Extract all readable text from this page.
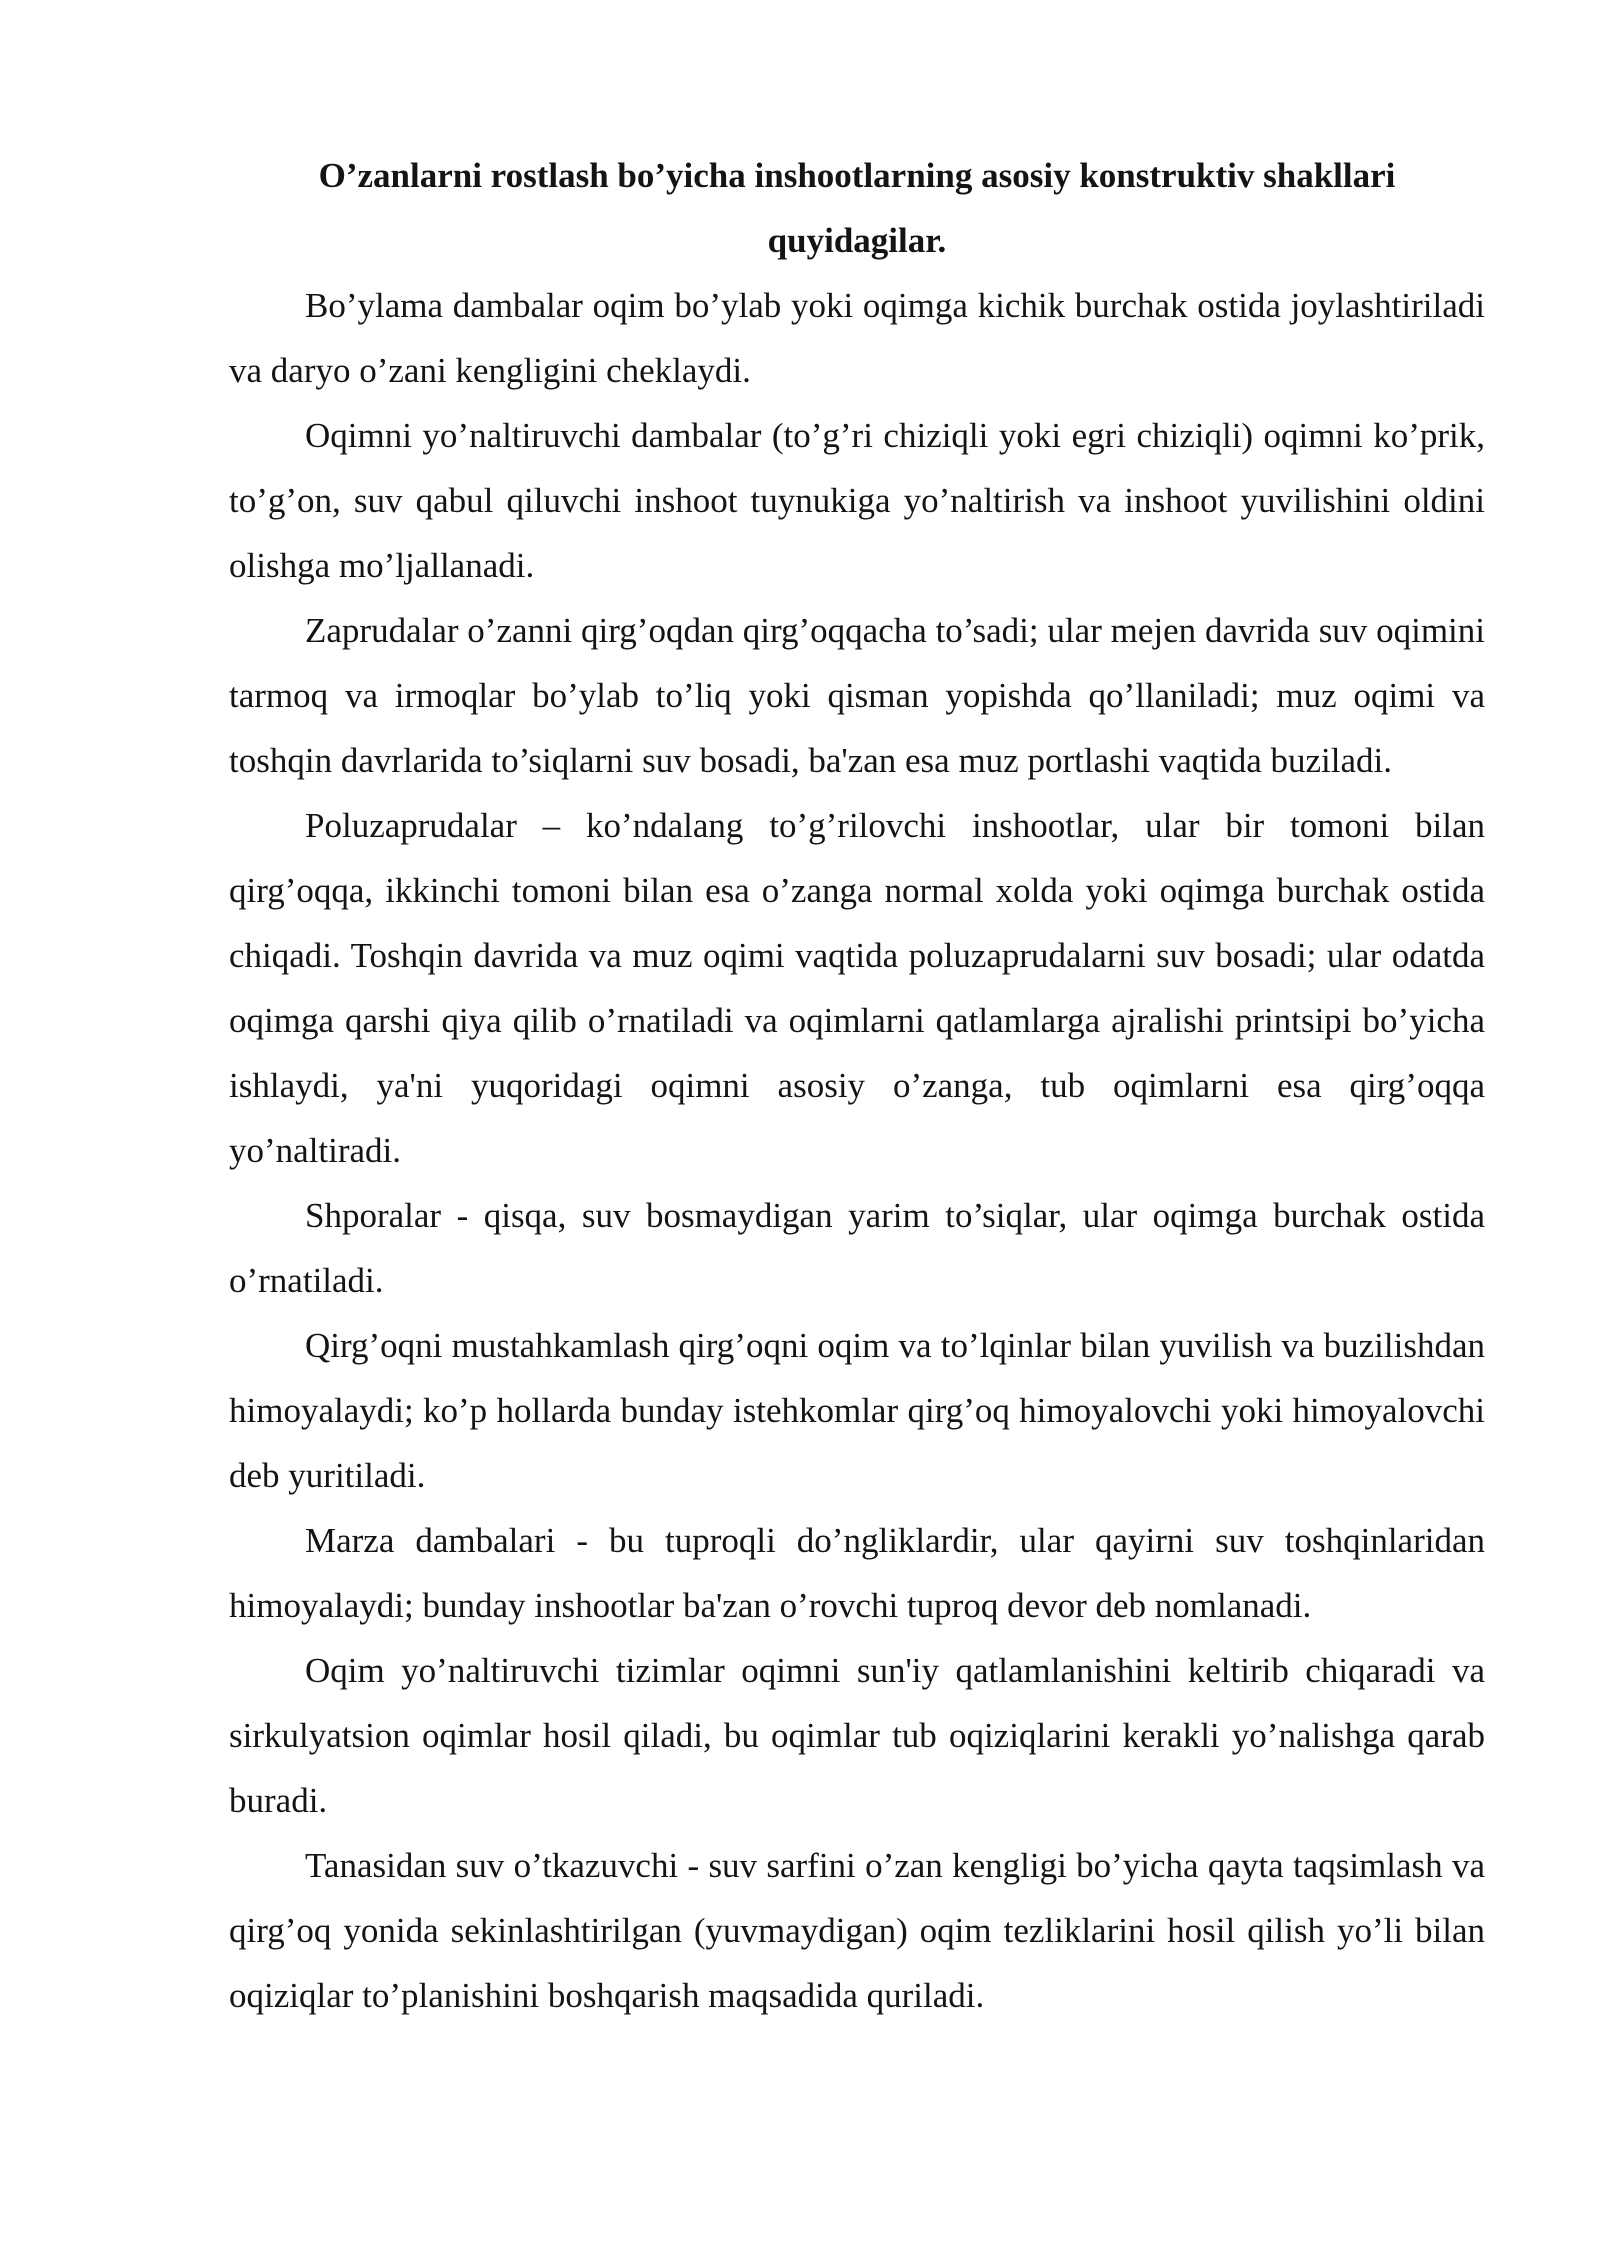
O’zanlarni rostlash bo’yicha inshootlarning asosiy konstruktiv shakllari quyidagilar.

Bo’ylama dambalar oqim bo’ylab yoki oqimga kichik burchak ostida joylashtiriladi va daryo o’zani kengligini cheklaydi.

Oqimni yo’naltiruvchi dambalar (to’g’ri chiziqli yoki egri chiziqli) oqimni ko’prik, to’g’on, suv qabul qiluvchi inshoot tuynukiga yo’naltirish va inshoot yuvilishini oldini olishga mo’ljallanadi.

Zaprudalar o’zanni qirg’oqdan qirg’oqqacha to’sadi; ular mejen davrida suv oqimini tarmoq va irmoqlar bo’ylab to’liq yoki qisman yopishda qo’llaniladi; muz oqimi va toshqin davrlarida to’siqlarni suv bosadi, ba'zan esa muz portlashi vaqtida buziladi.

Poluzaprudalar – ko’ndalang to’g’rilovchi inshootlar, ular bir tomoni bilan qirg’oqqa, ikkinchi tomoni bilan esa o’zanga normal xolda yoki oqimga burchak ostida chiqadi. Toshqin davrida va muz oqimi vaqtida poluzaprudalarni suv bosadi; ular odatda oqimga qarshi qiya qilib o’rnatiladi va oqimlarni qatlamlarga ajralishi printsipi bo’yicha ishlaydi, ya'ni yuqoridagi oqimni asosiy o’zanga, tub oqimlarni esa qirg’oqqa yo’naltiradi.

Shporalar - qisqa, suv bosmaydigan yarim to’siqlar, ular oqimga burchak ostida o’rnatiladi.

Qirg’oqni mustahkamlash qirg’oqni oqim va to’lqinlar bilan yuvilish va buzilishdan himoyalaydi; ko’p hollarda bunday istehkomlar qirg’oq himoyalovchi yoki himoyalovchi deb yuritiladi.

Marza dambalari - bu tuproqli do’ngliklardir, ular qayirni suv toshqinlaridan himoyalaydi; bunday inshootlar ba'zan o’rovchi tuproq devor deb nomlanadi.

Oqim yo’naltiruvchi tizimlar oqimni sun'iy qatlamlanishini keltirib chiqaradi va sirkulyatsion oqimlar hosil qiladi, bu oqimlar tub oqiziqlarini kerakli yo’nalishga qarab buradi.

Tanasidan suv o’tkazuvchi - suv sarfini o’zan kengligi bo’yicha qayta taqsimlash va qirg’oq yonida sekinlashtirilgan (yuvmaydigan) oqim tezliklarini hosil qilish yo’li bilan oqiziqlar to’planishini boshqarish maqsadida quriladi.
